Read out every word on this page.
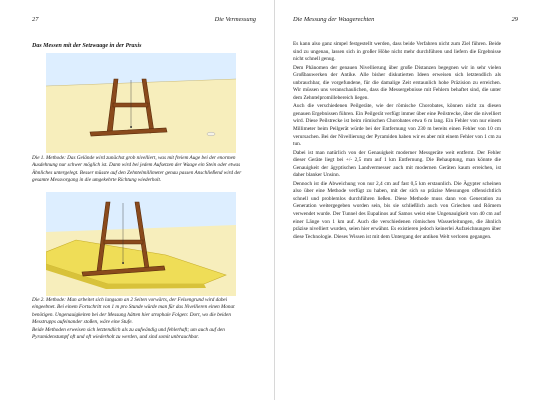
27	Die Vermessung
Das Messen mit der Setzwaage in der Praxis
Die 1. Methode: Das Gelände wird zunächst grob nivelliert, was mit freiem Auge bei der enormen Ausdehnung nur schwer möglich ist. Dann wird bei jedem Aufsetzen der Waage ein Stein oder etwas Ähnliches untergelegt. Besser müsste auf den Zehntelmillimeter genau passen Anschließend wird der gesamte Messvorgang in die umgekehrte Richtung wiederholt.
Die 2. Methode: Man arbeitet sich langsam an 2 Seiten vorwärts, der Felsengrund wird dabei eingeebnet. Bei einem Fortschritt von 1 m pro Stunde würde man für das Nivellieren einen Monat benötigen. Ungenauigkeiten bei der Messung hätten hier strophale Folgen: Dort, wo die beiden Messtrupps aufeinander stoßen, wäre eine Stufe.
Beide Methoden erweisen sich letztendlich als zu aufwändig und fehlerhaft; um auch auf den Pyramidenstumpf oft und oft wiederholt zu werden, und sind somit unbrauchbar.
Die Messung der Waagerechten	29

Es kann also ganz simpel festgestellt werden, dass beide Verfahren nicht zum Ziel führen. Beide sind zu ungenau, lassen sich in großer Höhe nicht mehr durchführen und liefern die Ergebnisse nicht schnell genug.

Dem Phänomen der genauen Nivellierung über große Distanzen begegnen wir in sehr vielen Großbauwerken der Antike. Alle bisher diskutierten Ideen erweisen sich letztendlich als unbrauchbar, die vorgefundene, für die damalige Zeit erstaunlich hohe Präzision zu erreichen. Wir müssen uns veranschaulichen, dass die Messergebnisse mit Fehlern behaftet sind, die unter dem Zehntelpromillebereich liegen.

Auch die verschiedenen Peilgeräte, wie der römische Chorobates, können nicht zu diesen genauen Ergebnissen führen. Ein Peilgerät verfügt immer über eine Peilstrecke, über die nivelliert wird. Diese Peilstrecke ist beim römischen Chorobates etwa 6 m lang. Ein Fehler von nur einem Millimeter beim Peilgerät würde bei der Entfernung von 230 m bereits einen Fehler von 10 cm verursachen. Bei der Nivellierung der Pyramiden haben wir es aber mit einem Fehler von 1 cm zu tun.

Dabei ist man natürlich von der Genauigkeit moderner Messgeräte weit entfernt. Der Fehler dieser Geräte liegt bei +/- 2,5 mm auf 1 km Entfernung. Die Behauptung, man könnte die Genauigkeit der ägyptischen Landvermesser auch mit modernen Geräten kaum erreichen, ist daher blanker Unsinn.

Dennoch ist die Abweichung von nur 2,4 cm auf fast 0,5 km erstaunlich. Die Ägypter scheinen also über eine Methode verfügt zu haben, mit der sich so präzise Messungen offensichtlich schnell und problemlos durchführen ließen. Diese Methode muss dann von Generation zu Generation weitergegeben worden sein, bis sie schließlich auch von Griechen und Römern verwendet wurde. Der Tunnel des Eupalinos auf Samos weist eine Ungenauigkeit von 40 cm auf einer Länge von 1 km auf. Auch die verschiedenen römischen Wasserleitungen, die ähnlich präzise nivelliert wurden, seien hier erwähnt. Es existieren jedoch keinerlei Aufzeichnungen über diese Technologie. Dieses Wissen ist mit dem Untergang der antiken Welt verloren gegangen.
